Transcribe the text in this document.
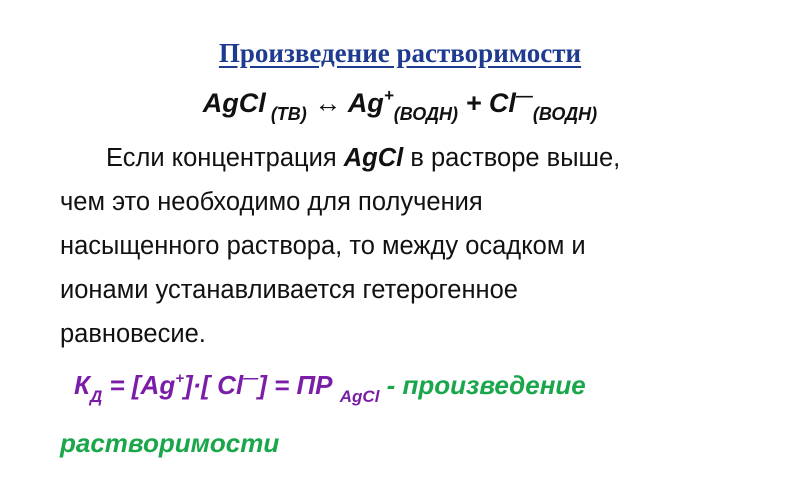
Произведение растворимости
AgCl $_{(ТВ)}$ ↔ $Ag^+_{(ВОДН)} + Cl^—_{(ВОДН)}$
Если концентрация AgCl в растворе выше,
чем это необходимо для получения
насыщенного раствора, то между осадком и
ионами устанавливается гетерогенное
равновесие.
$К_Д = [Ag^+]\cdot$[ Cl—] = ПР $_{AgCl}$ - произведение
растворимости
